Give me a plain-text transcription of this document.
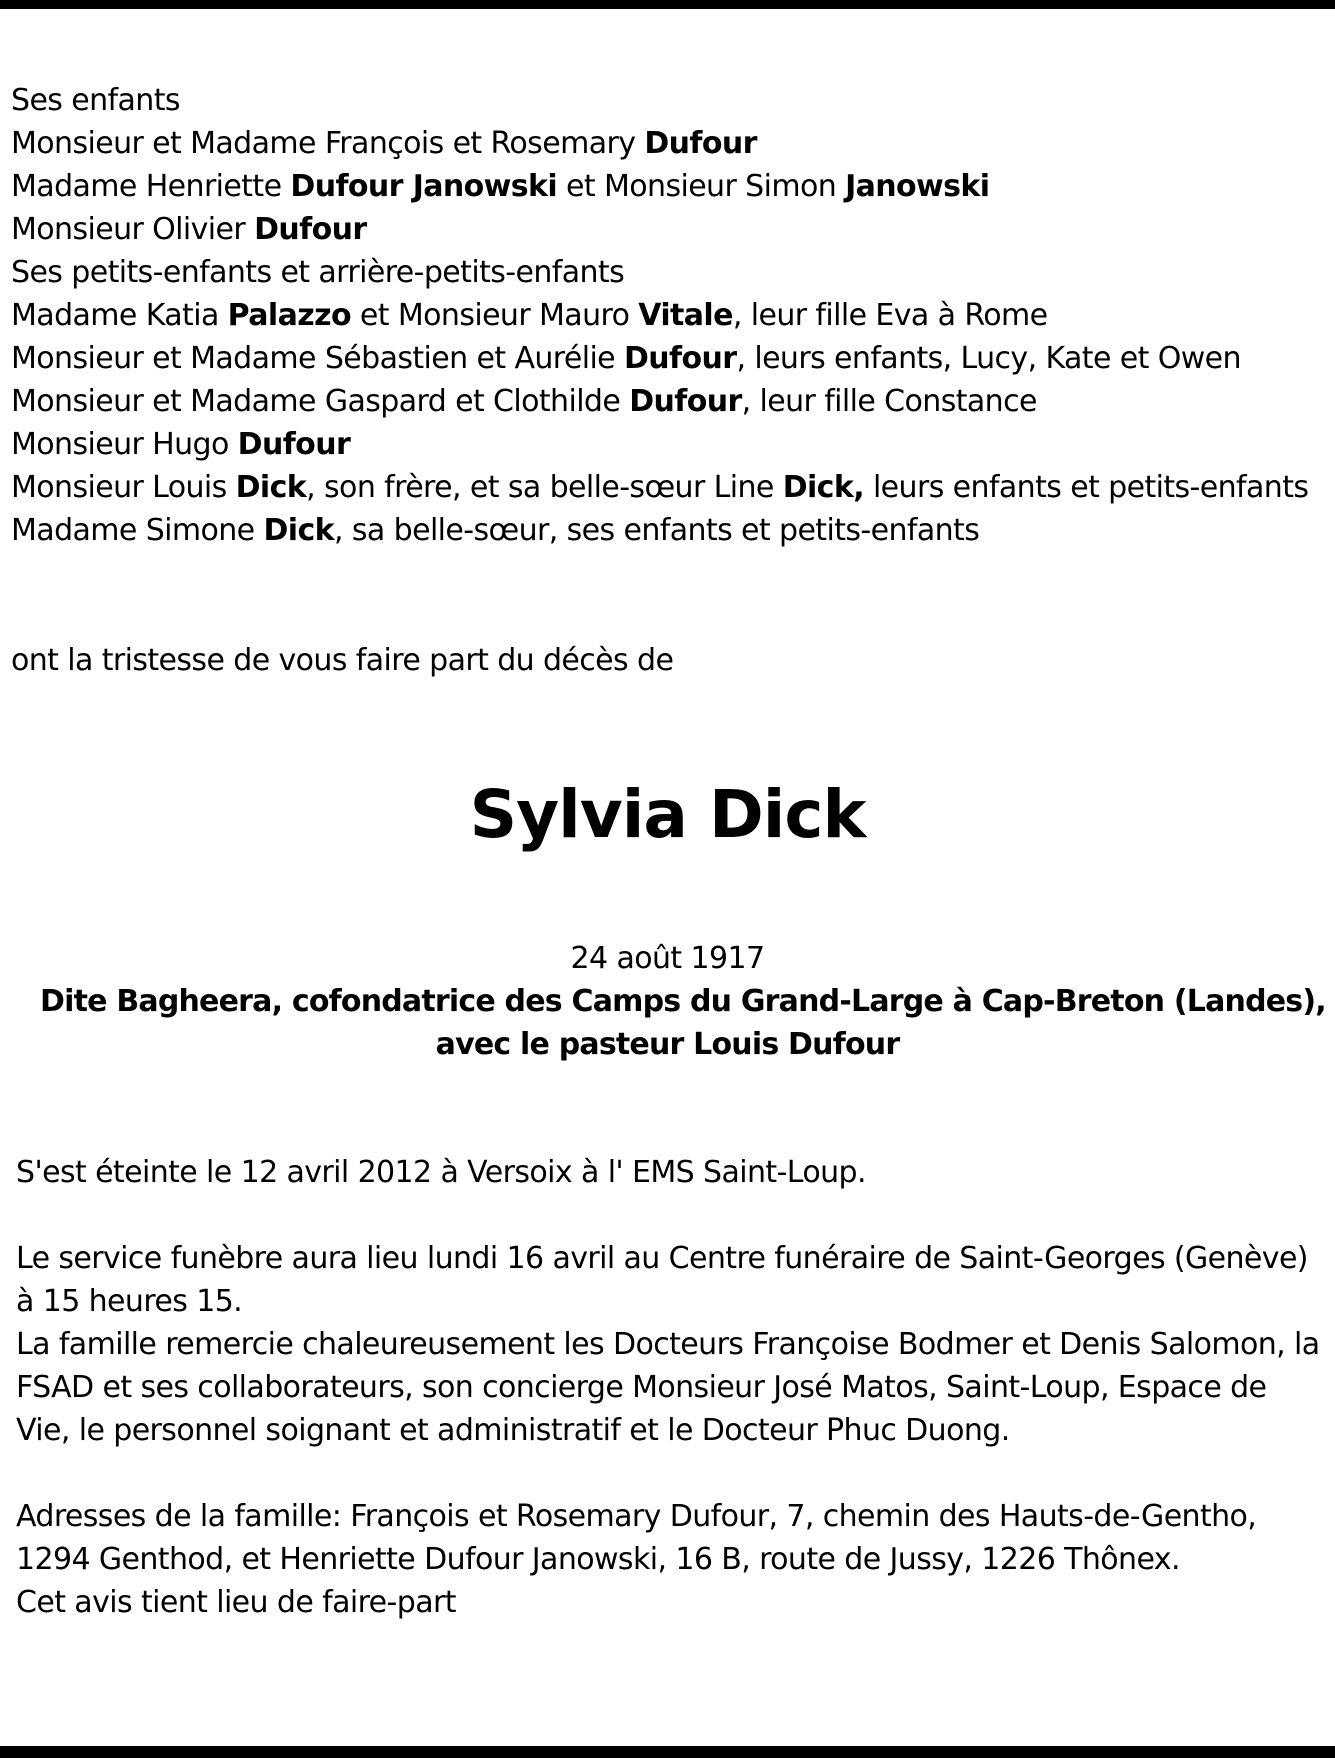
Ses enfants
Monsieur et Madame François et Rosemary Dufour
Madame Henriette Dufour Janowski et Monsieur Simon Janowski
Monsieur Olivier Dufour
Ses petits-enfants et arrière-petits-enfants
Madame Katia Palazzo et Monsieur Mauro Vitale, leur fille Eva à Rome
Monsieur et Madame Sébastien et Aurélie Dufour, leurs enfants, Lucy, Kate et Owen
Monsieur et Madame Gaspard et Clothilde Dufour, leur fille Constance
Monsieur Hugo Dufour
Monsieur Louis Dick, son frère, et sa belle-sœur Line Dick, leurs enfants et petits-enfants
Madame Simone Dick, sa belle-sœur, ses enfants et petits-enfants
ont la tristesse de vous faire part du décès de
Sylvia Dick
24 août 1917
Dite Bagheera, cofondatrice des Camps du Grand-Large à Cap-Breton (Landes),
avec le pasteur Louis Dufour

S'est éteinte le 12 avril 2012 à Versoix à l' EMS Saint-Loup.

Le service funèbre aura lieu lundi 16 avril au Centre funéraire de Saint-Georges (Genève) à 15 heures 15.

La famille remercie chaleureusement les Docteurs Françoise Bodmer et Denis Salomon, la FSAD et ses collaborateurs, son concierge Monsieur José Matos, Saint-Loup, Espace de Vie, le personnel soignant et administratif et le Docteur Phuc Duong.

Adresses de la famille: François et Rosemary Dufour, 7, chemin des Hauts-de-Gentho, 1294 Genthod, et Henriette Dufour Janowski, 16 B, route de Jussy, 1226 Thônex.

Cet avis tient lieu de faire-part
